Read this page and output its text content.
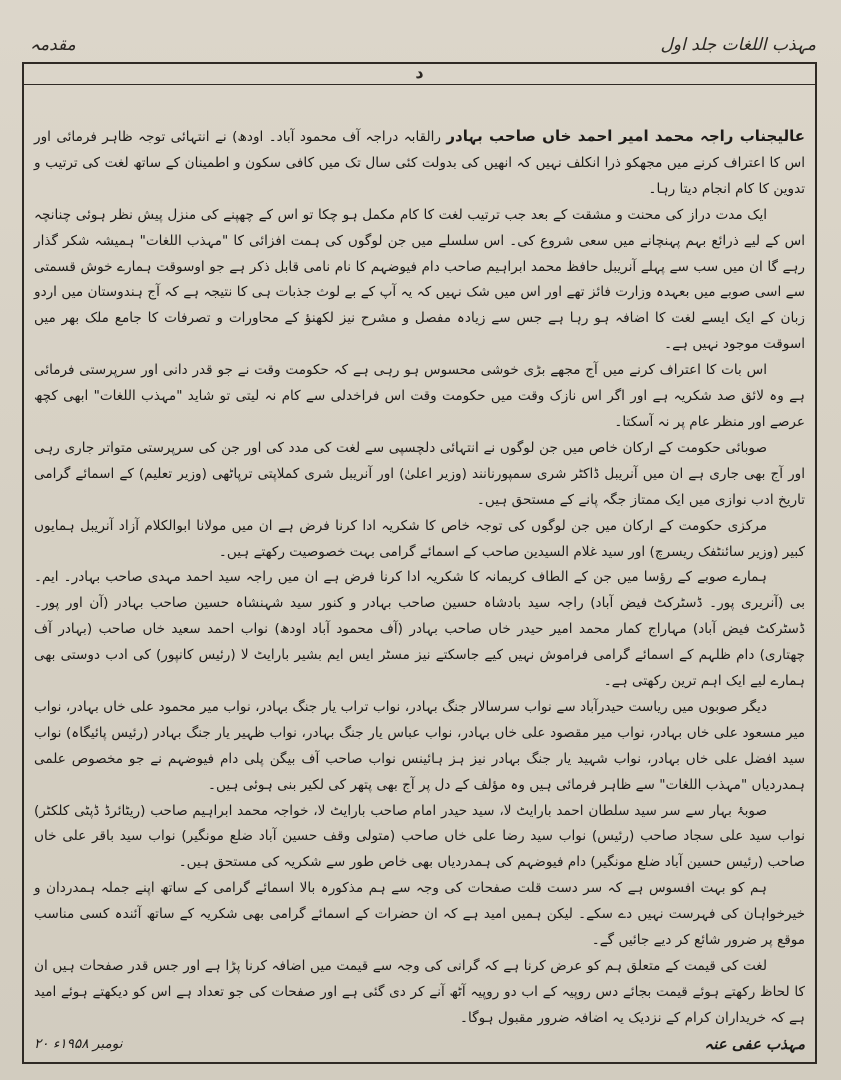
مہذب اللغات جلد اول
مقدمہ
د

عالیجناب راجہ محمد امیر احمد خاں صاحب بہادر رالقابہ دراجہ آف محمود آباد۔ اودھ) نے انتہائی توجہ ظاہر فرمائی اور اس کا اعتراف کرنے میں مجھکو ذرا انکلف نہیں کہ انھیں کی بدولت کئی سال تک میں کافی سکون و اطمینان کے ساتھ لغت کی ترتیب و تدوین کا کام انجام دیتا رہا۔

ایک مدت دراز کی محنت و مشقت کے بعد جب ترتیب لغت کا کام مکمل ہو چکا تو اس کے چھپنے کی منزل پیش نظر ہوئی چنانچہ اس کے لیے ذرائع بہم پہنچانے میں سعی شروع کی۔ اس سلسلے میں جن لوگوں کی ہمت افزائی کا "مہذب اللغات" ہمیشہ شکر گذار رہے گا ان میں سب سے پہلے آنریبل حافظ محمد ابراہیم صاحب دام فیوضہم کا نام نامی قابل ذکر ہے جو اوسوقت ہمارے خوش قسمتی سے اسی صوبے میں بعہدہ وزارت فائز تھے اور اس میں شک نہیں کہ یہ آپ کے بے لوث جذبات ہی کا نتیجہ ہے کہ آج ہندوستان میں اردو زبان کے ایک ایسے لغت کا اضافہ ہو رہا ہے جس سے زیادہ مفصل و مشرح نیز لکھنؤ کے محاورات و تصرفات کا جامع ملک بھر میں اسوقت موجود نہیں ہے۔

اس بات کا اعتراف کرنے میں آج مجھے بڑی خوشی محسوس ہو رہی ہے کہ حکومت وقت نے جو قدر دانی اور سرپرستی فرمائی ہے وہ لائق صد شکریہ ہے اور اگر اس نازک وقت میں حکومت وقت اس فراخدلی سے کام نہ لیتی تو شاید "مہذب اللغات" ابھی کچھ عرصے اور منظر عام پر نہ آسکتا۔

صوبائی حکومت کے ارکان خاص میں جن لوگوں نے انتہائی دلچسپی سے لغت کی مدد کی اور جن کی سرپرستی متواتر جاری رہی اور آج بھی جاری ہے ان میں آنریبل ڈاکٹر شری سمپورنانند (وزیر اعلیٰ) اور آنریبل شری کملاپتی ترپاٹھی (وزیر تعلیم) کے اسمائے گرامی تاریخ ادب نوازی میں ایک ممتاز جگہ پانے کے مستحق ہیں۔

مرکزی حکومت کے ارکان میں جن لوگوں کی توجہ خاص کا شکریہ ادا کرنا فرض ہے ان میں مولانا ابوالکلام آزاد آنریبل ہمایوں کبیر (وزیر سائنٹفک ریسرچ) اور سید غلام السیدین صاحب کے اسمائے گرامی بہت خصوصیت رکھتے ہیں۔

ہمارے صوبے کے رؤسا میں جن کے الطاف کریمانہ کا شکریہ ادا کرنا فرض ہے ان میں راجہ سید احمد مہدی صاحب بہادر۔ ایم۔ بی (آنریری پور۔ ڈسٹرکٹ فیض آباد) راجہ سید بادشاہ حسین صاحب بہادر و کنور سید شہنشاہ حسین صاحب بہادر (آن اور پور۔ ڈسٹرکٹ فیض آباد) مہاراج کمار محمد امیر حیدر خاں صاحب بہادر (آف محمود آباد اودھ) نواب احمد سعید خاں صاحب (بہادر آف چھتاری) دام ظلہم کے اسمائے گرامی فراموش نہیں کیے جاسکتے نیز مسٹر ایس ایم بشیر بارایٹ لا (رئیس کانپور) کی ادب دوستی بھی ہمارے لیے ایک اہم ترین رکھتی ہے۔

دیگر صوبوں میں ریاست حیدرآباد سے نواب سرسالار جنگ بہادر، نواب تراب یار جنگ بہادر، نواب میر محمود علی خاں بہادر، نواب میر مسعود علی خاں بہادر، نواب میر مقصود علی خاں بہادر، نواب عباس یار جنگ بہادر، نواب ظہیر یار جنگ بہادر (رئیس پائیگاہ) نواب سید افضل علی خاں بہادر، نواب شہید یار جنگ بہادر نیز ہز ہائینس نواب صاحب آف بیگن پلی دام فیوضہم نے جو مخصوص علمی ہمدردیاں "مہذب اللغات" سے ظاہر فرمائی ہیں وہ مؤلف کے دل پر آج بھی پتھر کی لکیر بنی ہوئی ہیں۔

صوبۂ بہار سے سر سید سلطان احمد بارایٹ لا، سید حیدر امام صاحب بارایٹ لا، خواجہ محمد ابراہیم صاحب (ریٹائرڈ ڈپٹی کلکٹر) نواب سید علی سجاد صاحب (رئیس) نواب سید رضا علی خاں صاحب (متولی وقف حسین آباد ضلع مونگیر) نواب سید باقر علی خاں صاحب (رئیس حسین آباد ضلع مونگیر) دام فیوضہم کی ہمدردیاں بھی خاص طور سے شکریہ کی مستحق ہیں۔

ہم کو بہت افسوس ہے کہ سر دست قلت صفحات کی وجہ سے ہم مذکورہ بالا اسمائے گرامی کے ساتھ اپنے جملہ ہمدردان و خیرخواہان کی فہرست نہیں دے سکے۔ لیکن ہمیں امید ہے کہ ان حضرات کے اسمائے گرامی بھی شکریہ کے ساتھ آئندہ کسی مناسب موقع پر ضرور شائع کر دیے جائیں گے۔

لغت کی قیمت کے متعلق ہم کو عرض کرنا ہے کہ گرانی کی وجہ سے قیمت میں اضافہ کرنا پڑا ہے اور جس قدر صفحات ہیں ان کا لحاظ رکھتے ہوئے قیمت بجائے دس روپیہ کے اب دو روپیہ آٹھ آنے کر دی گئی ہے اور صفحات کی جو تعداد ہے اس کو دیکھتے ہوئے امید ہے کہ خریداران کرام کے نزدیک یہ اضافہ ضرور مقبول ہوگا۔

۲۰ نومبر ۱۹۵۸ء	مہذب عفی عنہ
